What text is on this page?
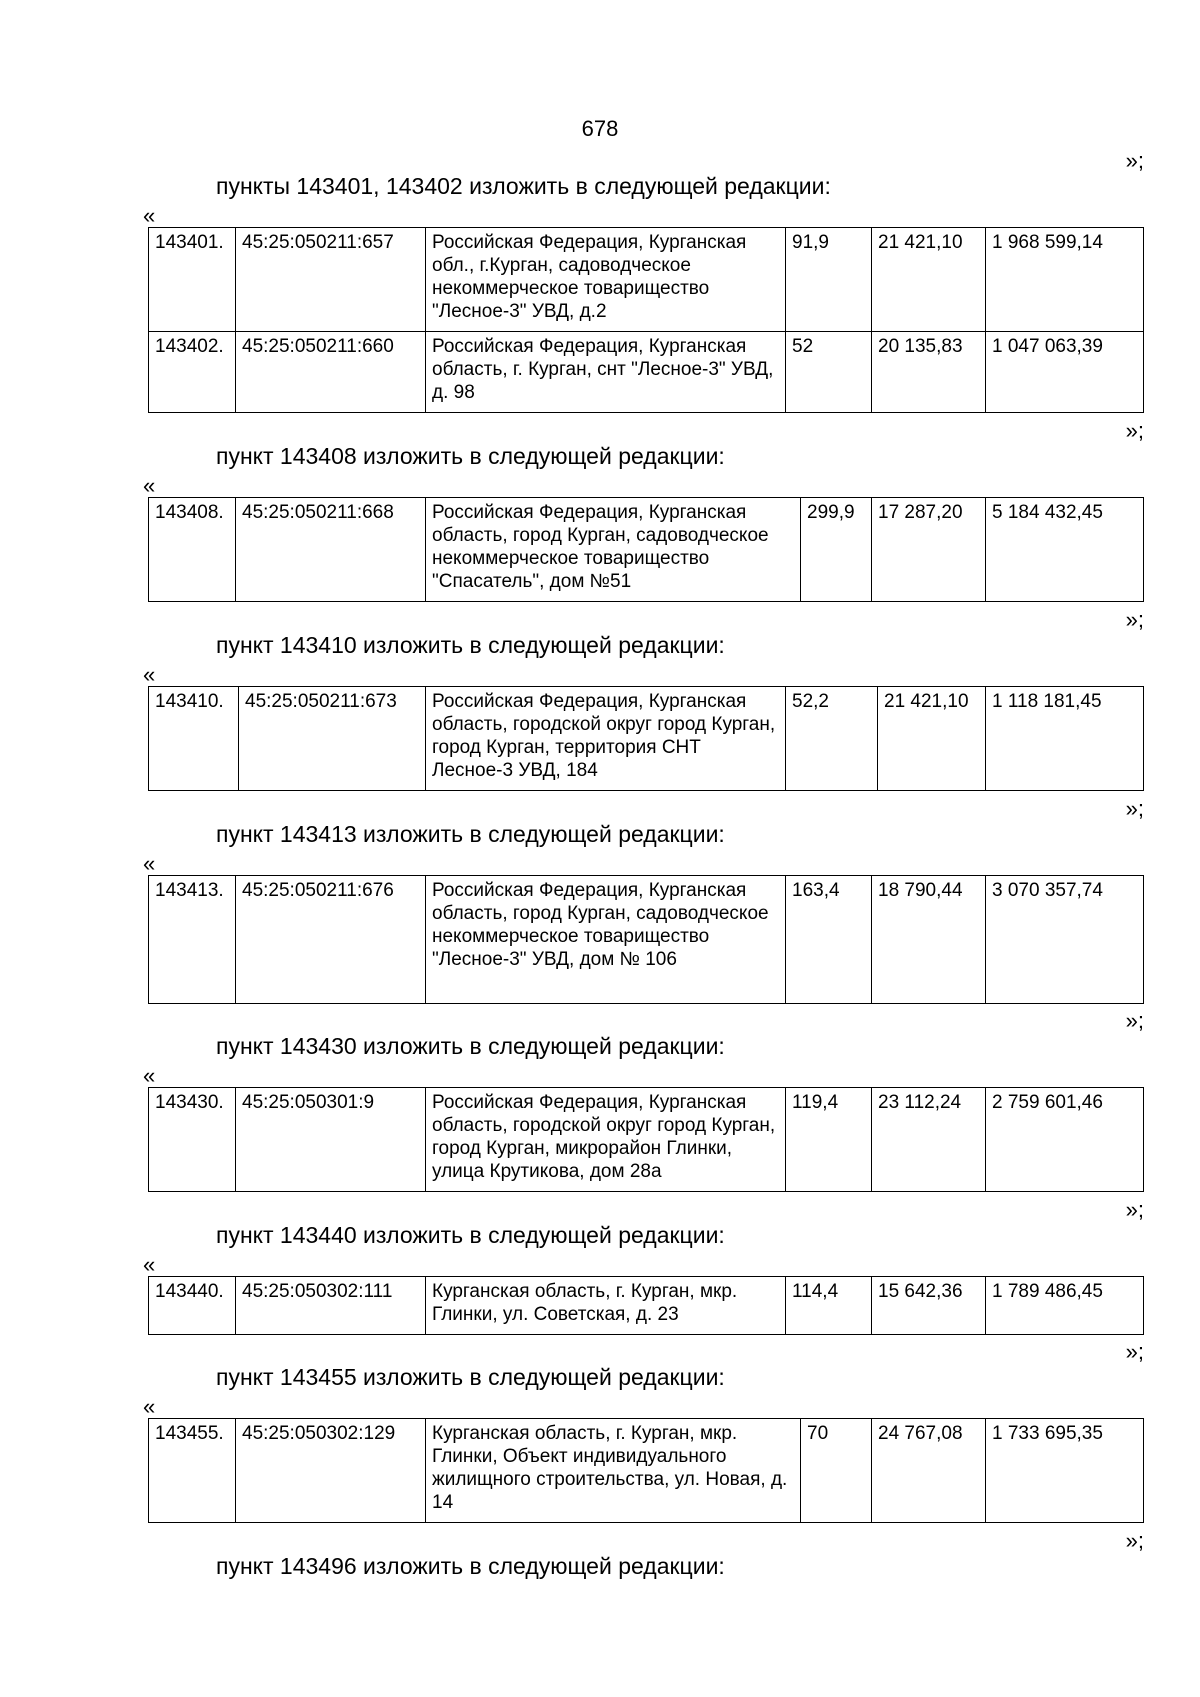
678
»;
пункты 143401, 143402 изложить в следующей редакции:
«
143401.	45:25:050211:657	Российская Федерация, Курганская обл., г.Курган, садоводческое некоммерческое товарищество "Лесное-3" УВД, д.2	91,9	21 421,10	1 968 599,14
143402.	45:25:050211:660	Российская Федерация, Курганская область, г. Курган, снт "Лесное-3" УВД, д. 98	52	20 135,83	1 047 063,39
»;
пункт 143408 изложить в следующей редакции:
«
143408.	45:25:050211:668	Российская Федерация, Курганская область, город Курган, садоводческое некоммерческое товарищество "Спасатель", дом №51	299,9	17 287,20	5 184 432,45
»;
пункт 143410 изложить в следующей редакции:
«
143410.	45:25:050211:673	Российская Федерация, Курганская область, городской округ город Курган, город Курган, территория СНТ Лесное-3 УВД, 184	52,2	21 421,10	1 118 181,45
»;
пункт 143413 изложить в следующей редакции:
«
143413.	45:25:050211:676	Российская Федерация, Курганская область, город Курган, садоводческое некоммерческое товарищество "Лесное-3" УВД, дом № 106	163,4	18 790,44	3 070 357,74
»;
пункт 143430 изложить в следующей редакции:
«
143430.	45:25:050301:9	Российская Федерация, Курганская область, городской округ город Курган, город Курган, микрорайон Глинки, улица Крутикова, дом 28а	119,4	23 112,24	2 759 601,46
»;
пункт 143440 изложить в следующей редакции:
«
143440.	45:25:050302:111	Курганская область, г. Курган, мкр. Глинки, ул. Советская, д. 23	114,4	15 642,36	1 789 486,45
»;
пункт 143455 изложить в следующей редакции:
«
143455.	45:25:050302:129	Курганская область, г. Курган, мкр. Глинки, Объект индивидуального жилищного строительства, ул. Новая, д. 14	70	24 767,08	1 733 695,35
»;
пункт 143496 изложить в следующей редакции:
